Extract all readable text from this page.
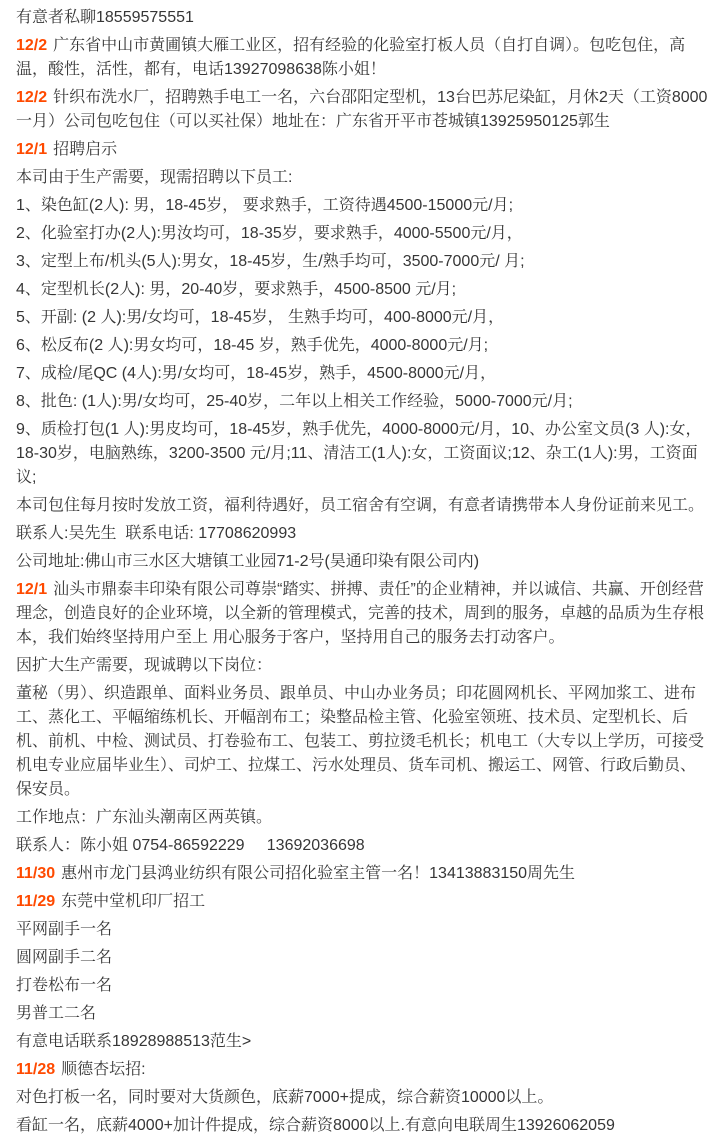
有意者私聊18559575551

12/2 广东省中山市黄圃镇大雁工业区，招有经验的化验室打板人员（自打自调）。包吃包住，高温，酸性，活性，都有，电话13927098638陈小姐！

12/2 针织布洗水厂，招聘熟手电工一名，六台邵阳定型机，13台巴苏尼染缸，月休2天（工资8000一月）公司包吃包住（可以买社保）地址在：广东省开平市苍城镇13925950125郭生

12/1 招聘启示

本司由于生产需要，现需招聘以下员工:

1、染色缸(2人): 男，18-45岁， 要求熟手，工资待遇4500-15000元/月;

2、化验室打办(2人):男汝均可，18-35岁，要求熟手，4000-5500元/月，

3、定型上布/机头(5人):男女，18-45岁，生/熟手均可，3500-7000元/ 月;

4、定型机长(2人): 男，20-40岁，要求熟手，4500-8500 元/月;

5、开副: (2 人):男/女均可，18-45岁， 生熟手均可，400-8000元/月，

6、松反布(2 人):男女均可，18-45 岁，熟手优先，4000-8000元/月;

7、成检/尾QC (4人):男/女均可，18-45岁，熟手，4500-8000元/月，

8、批色: (1人):男/女均可，25-40岁，二年以上相关工作经验，5000-7000元/月;

9、质检打包(1 人):男皮均可，18-45岁，熟手优先，4000-8000元/月，10、办公室文员(3 人):女，18-30岁，电脑熟练，3200-3500 元/月;11、清洁工(1人):女，工资面议;12、杂工(1人):男，工资面议;

本司包住每月按时发放工资，福利待遇好，员工宿舍有空调，有意者请携带本人身份证前来见工。

联系人:吴先生  联系电话: 17708620993

公司地址:佛山市三水区大塘镇工业园71-2号(昊通印染有限公司内)

12/1 汕头市鼎泰丰印染有限公司尊崇“踏实、拼搏、责任”的企业精神，并以诚信、共赢、开创经营理念，创造良好的企业环境，以全新的管理模式，完善的技术，周到的服务，卓越的品质为生存根本，我们始终坚持用户至上 用心服务于客户，坚持用自己的服务去打动客户。

因扩大生产需要，现诚聘以下岗位：

董秘（男）、织造跟单、面料业务员、跟单员、中山办业务员；印花圆网机长、平网加浆工、进布工、蒸化工、平幅缩练机长、开幅剖布工；染整品检主管、化验室领班、技术员、定型机长、后机、前机、中检、测试员、打卷验布工、包装工、剪拉烫毛机长；机电工（大专以上学历，可接受机电专业应届毕业生）、司炉工、拉煤工、污水处理员、货车司机、搬运工、网管、行政后勤员、保安员。

工作地点：广东汕头潮南区两英镇。

联系人：陈小姐 0754-86592229     13692036698

11/30 惠州市龙门县鸿业纺织有限公司招化验室主管一名！13413883150周先生

11/29 东莞中堂机印厂招工

平网副手一名

圆网副手二名

打卷松布一名

男普工二名

有意电话联系18928988513范生>

11/28 顺德杏坛招:

对色打板一名，同时要对大货颜色，底薪7000+提成，综合薪资10000以上。

看缸一名，底薪4000+加计件提成，综合薪资8000以上.有意向电联周生13926062059
